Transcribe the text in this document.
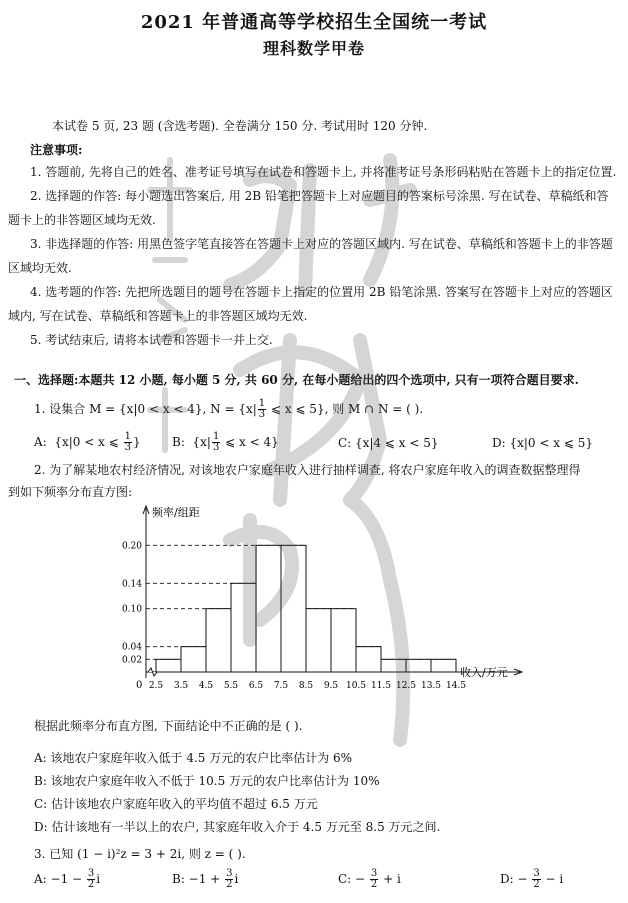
2021 年普通高等学校招生全国统一考试
理科数学甲卷
本试卷 5 页, 23 题 (含选考题). 全卷满分 150 分. 考试用时 120 分钟.
注意事项:
1. 答题前, 先将自己的姓名、准考证号填写在试卷和答题卡上, 并将准考证号条形码粘贴在答题卡上的指定位置.
2. 选择题的作答: 每小题选出答案后, 用 2B 铅笔把答题卡上对应题目的答案标号涂黑. 写在试卷、草稿纸和答题卡上的非答题区域均无效.
3. 非选择题的作答: 用黑色签字笔直接答在答题卡上对应的答题区域内. 写在试卷、草稿纸和答题卡上的非答题区域均无效.
4. 选考题的作答: 先把所选题目的题号在答题卡上指定的位置用 2B 铅笔涂黑. 答案写在答题卡上对应的答题区域内, 写在试卷、草稿纸和答题卡上的非答题区域均无效.
5. 考试结束后, 请将本试卷和答题卡一并上交.
一、选择题:本题共 12 小题, 每小题 5 分, 共 60 分, 在每小题给出的四个选项中, 只有一项符合题目要求.
1. 设集合 M = {x|0 < x < 4}, $N = \{x| \frac{1}{3}$ ⩽ x ⩽ 5}, 则 M ∩ N = ( ).
A: {x|0 < x ⩽ $\frac{1}{3}$ }	B: {$x| \frac{1}{3}$ ⩽ x < 4}	C: {x|4 ⩽ x < 5}	D: {x|0 < x ⩽ 5}
2. 为了解某地农村经济情况, 对该地农户家庭年收入进行抽样调查, 将农户家庭年收入的调查数据整理得
到如下频率分布直方图:
频率/组距
收入/万元
0
0.02
0.04
0.10
0.14
0.20
2.5 3.5 4.5 5.5 6.5 7.5 8.5 9.5 10.5 11.5 12.5 13.5 14.5
根据此频率分布直方图, 下面结论中不正确的是 ( ).
A: 该地农户家庭年收入低于 4.5 万元的农户比率估计为 6%
B: 该地农户家庭年收入不低于 10.5 万元的农户比率估计为 10%
C: 估计该地农户家庭年收入的平均值不超过 6.5 万元
D: 估计该地有一半以上的农户, 其家庭年收入介于 4.5 万元至 8.5 万元之间.
3. 已知 (1 − i)²z = 3 + 2i, 则 z = ( ).
A: $-1 - \frac{3}{2}$ i	B: $-1 + \frac{3}{2}$ i	C: − $\frac{3}{2} + i$	D: − $\frac{3}{2} - i$
